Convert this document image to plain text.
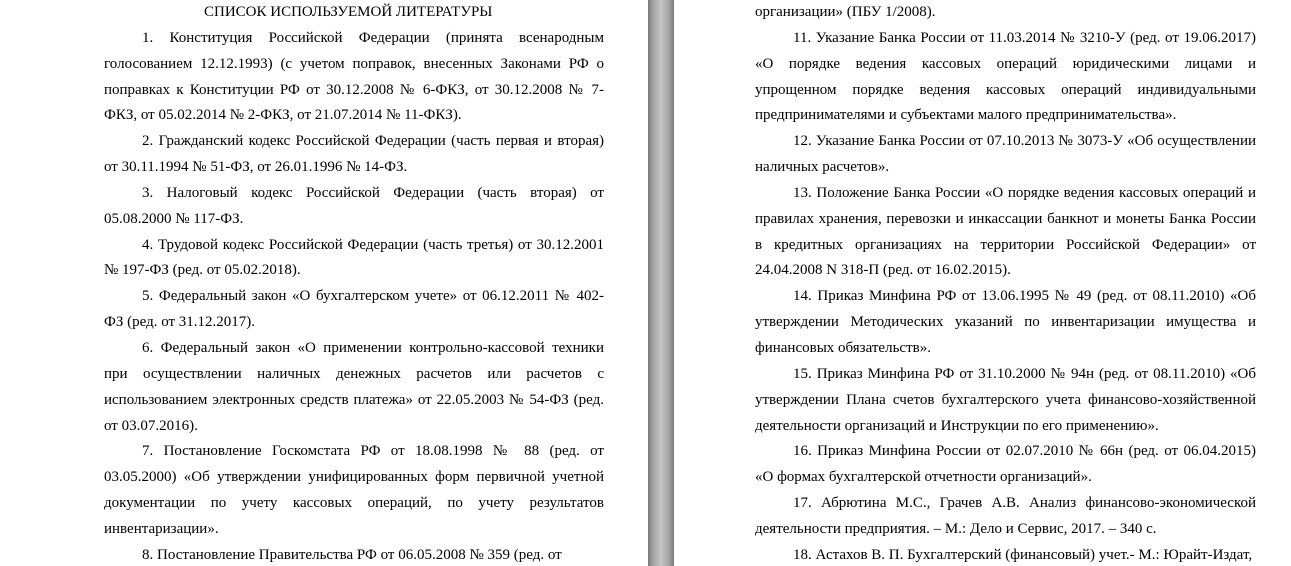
СПИСОК ИСПОЛЬЗУЕМОЙ ЛИТЕРАТУРЫ

1. Конституция Российской Федерации (принята всенародным голосованием 12.12.1993) (с учетом поправок, внесенных Законами РФ о поправках к Конституции РФ от 30.12.2008 № 6-ФКЗ, от 30.12.2008 № 7-ФКЗ, от 05.02.2014 № 2-ФКЗ, от 21.07.2014 № 11-ФКЗ).

2. Гражданский кодекс Российской Федерации (часть первая и вторая) от 30.11.1994 № 51-ФЗ, от 26.01.1996 № 14-ФЗ.

3. Налоговый кодекс Российской Федерации (часть вторая) от 05.08.2000 № 117-ФЗ.

4. Трудовой кодекс Российской Федерации (часть третья) от 30.12.2001 № 197-ФЗ (ред. от 05.02.2018).

5. Федеральный закон «О бухгалтерском учете» от 06.12.2011 № 402-ФЗ (ред. от 31.12.2017).

6. Федеральный закон «О применении контрольно-кассовой техники при осуществлении наличных денежных расчетов или расчетов с использованием электронных средств платежа» от 22.05.2003 № 54-ФЗ (ред. от 03.07.2016).

7. Постановление Госкомстата РФ от 18.08.1998 № 88 (ред. от 03.05.2000) «Об утверждении унифицированных форм первичной учетной документации по учету кассовых операций, по учету результатов инвентаризации».

8. Постановление Правительства РФ от 06.05.2008 № 359 (ред. от

организации» (ПБУ 1/2008).

11. Указание Банка России от 11.03.2014 № 3210-У (ред. от 19.06.2017) «О порядке ведения кассовых операций юридическими лицами и упрощенном порядке ведения кассовых операций индивидуальными предпринимателями и субъектами малого предпринимательства».

12. Указание Банка России от 07.10.2013 № 3073-У «Об осуществлении наличных расчетов».

13. Положение Банка России «О порядке ведения кассовых операций и правилах хранения, перевозки и инкассации банкнот и монеты Банка России в кредитных организациях на территории Российской Федерации» от 24.04.2008 N 318-П (ред. от 16.02.2015).

14. Приказ Минфина РФ от 13.06.1995 № 49 (ред. от 08.11.2010) «Об утверждении Методических указаний по инвентаризации имущества и финансовых обязательств».

15. Приказ Минфина РФ от 31.10.2000 № 94н (ред. от 08.11.2010) «Об утверждении Плана счетов бухгалтерского учета финансово-хозяйственной деятельности организаций и Инструкции по его применению».

16. Приказ Минфина России от 02.07.2010 № 66н (ред. от 06.04.2015) «О формах бухгалтерской отчетности организаций».

17. Абрютина М.С., Грачев А.В. Анализ финансово-экономической деятельности предприятия. – М.: Дело и Сервис, 2017. – 340 с.

18. Астахов В. П. Бухгалтерский (финансовый) учет.- М.: Юрайт-Издат,
